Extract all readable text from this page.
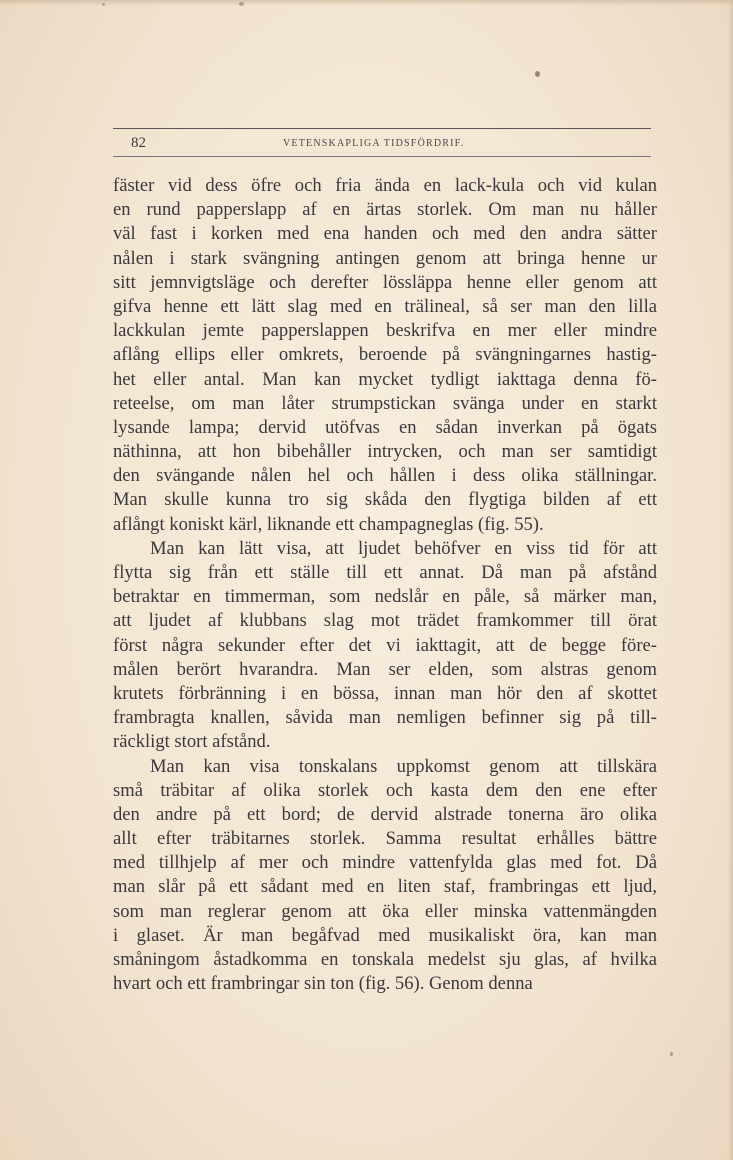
82	VETENSKAPLIGA TIDSFÖRDRIF.
fäster vid dess öfre och fria ända en lack-kula och vid kulan
en rund papperslapp af en ärtas storlek. Om man nu håller
väl fast i korken med ena handen och med den andra sätter
nålen i stark svängning antingen genom att bringa henne ur
sitt jemnvigtsläge och derefter lössläppa henne eller genom att
gifva henne ett lätt slag med en trälineal, så ser man den lilla
lackkulan jemte papperslappen beskrifva en mer eller mindre
aflång ellips eller omkrets, beroende på svängningarnes hastig-
het eller antal. Man kan mycket tydligt iakttaga denna fö-
reteelse, om man låter strumpstickan svänga under en starkt
lysande lampa; dervid utöfvas en sådan inverkan på ögats
näthinna, att hon bibehåller intrycken, och man ser samtidigt
den svängande nålen hel och hållen i dess olika ställningar.
Man skulle kunna tro sig skåda den flygtiga bilden af ett
aflångt koniskt kärl, liknande ett champagneglas (fig. 55).
Man kan lätt visa, att ljudet behöfver en viss tid för att
flytta sig från ett ställe till ett annat. Då man på afstånd
betraktar en timmerman, som nedslår en påle, så märker man,
att ljudet af klubbans slag mot trädet framkommer till örat
först några sekunder efter det vi iakttagit, att de begge före-
målen berört hvarandra. Man ser elden, som alstras genom
krutets förbränning i en bössa, innan man hör den af skottet
frambragta knallen, såvida man nemligen befinner sig på till-
räckligt stort afstånd.
Man kan visa tonskalans uppkomst genom att tillskära
små träbitar af olika storlek och kasta dem den ene efter
den andre på ett bord; de dervid alstrade tonerna äro olika
allt efter träbitarnes storlek. Samma resultat erhålles bättre
med tillhjelp af mer och mindre vattenfylda glas med fot. Då
man slår på ett sådant med en liten staf, frambringas ett ljud,
som man reglerar genom att öka eller minska vattenmängden
i glaset. Är man begåfvad med musikaliskt öra, kan man
småningom åstadkomma en tonskala medelst sju glas, af hvilka
hvart och ett frambringar sin ton (fig. 56). Genom denna
